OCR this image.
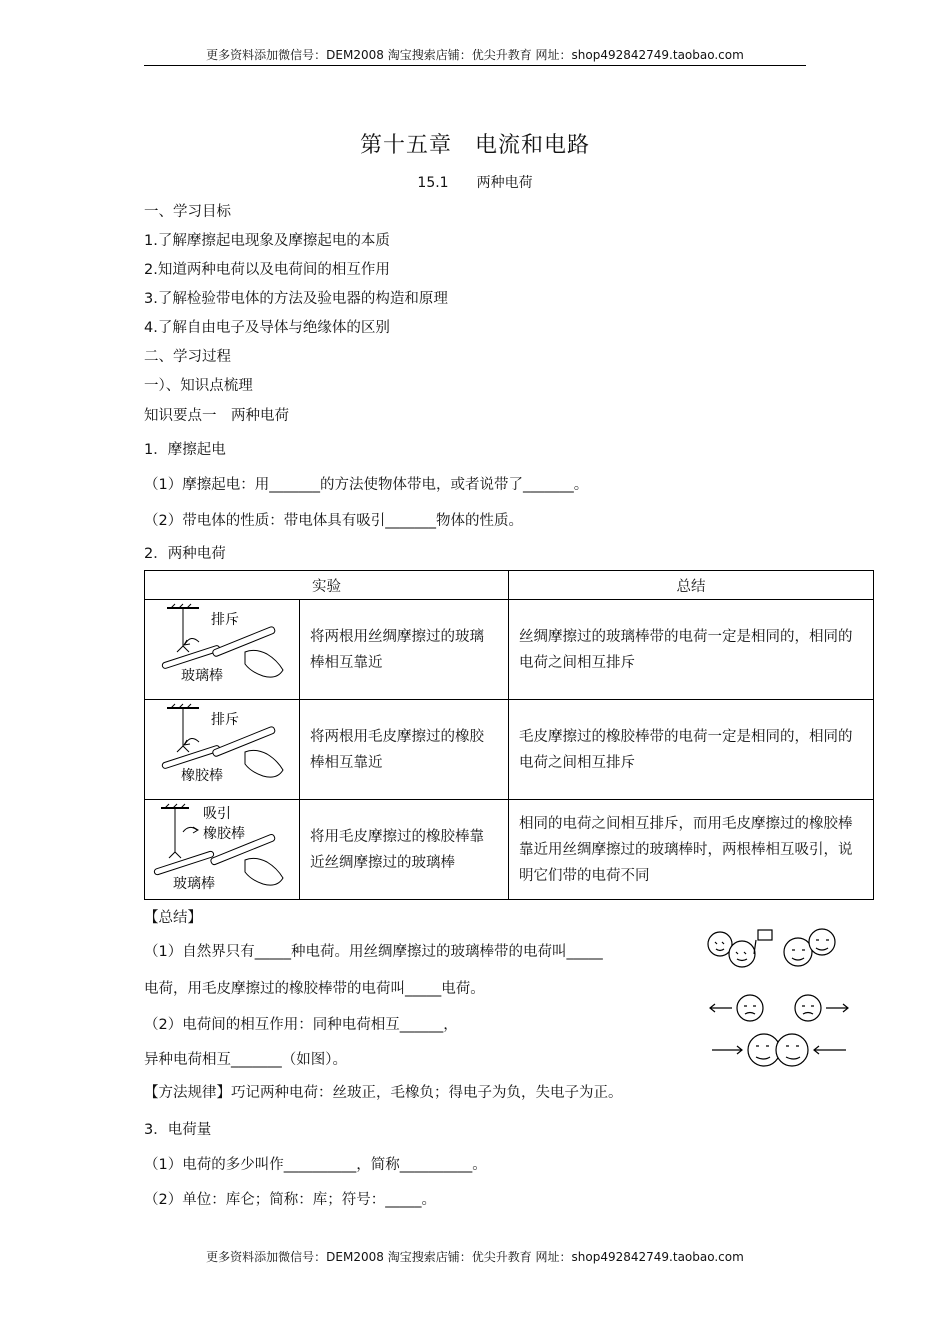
更多资料添加微信号：DEM2008 淘宝搜索店铺：优尖升教育 网址：shop492842749.taobao.com
第十五章　电流和电路
15.1　　两种电荷
一、学习目标
1.了解摩擦起电现象及摩擦起电的本质
2.知道两种电荷以及电荷间的相互作用
3.了解检验带电体的方法及验电器的构造和原理
4.了解自由电子及导体与绝缘体的区别
二、学习过程
一）、知识点梳理
知识要点一　两种电荷
1．摩擦起电
（1）摩擦起电：用_______的方法使物体带电，或者说带了_______。
（2）带电体的性质：带电体具有吸引_______物体的性质。
2．两种电荷
实验		总结

排斥
玻璃棒	将两根用丝绸摩擦过的玻璃棒相互靠近	丝绸摩擦过的玻璃棒带的电荷一定是相同的，相同的电荷之间相互排斥

排斥
橡胶棒	将两根用毛皮摩擦过的橡胶棒相互靠近	毛皮摩擦过的橡胶棒带的电荷一定是相同的，相同的电荷之间相互排斥

吸引
橡胶棒
玻璃棒	将用毛皮摩擦过的橡胶棒靠近丝绸摩擦过的玻璃棒	相同的电荷之间相互排斥，而用毛皮摩擦过的橡胶棒靠近用丝绸摩擦过的玻璃棒时，两根棒相互吸引，说明它们带的电荷不同
【总结】
（1）自然界只有_____种电荷。用丝绸摩擦过的玻璃棒带的电荷叫_____
电荷，用毛皮摩擦过的橡胶棒带的电荷叫_____电荷。
（2）电荷间的相互作用：同种电荷相互______，
异种电荷相互_______（如图）。
【方法规律】巧记两种电荷：丝玻正，毛橡负；得电子为负，失电子为正。
3．电荷量
（1）电荷的多少叫作__________，简称__________。
（2）单位：库仑；简称：库；符号：_____。
更多资料添加微信号：DEM2008 淘宝搜索店铺：优尖升教育 网址：shop492842749.taobao.com
